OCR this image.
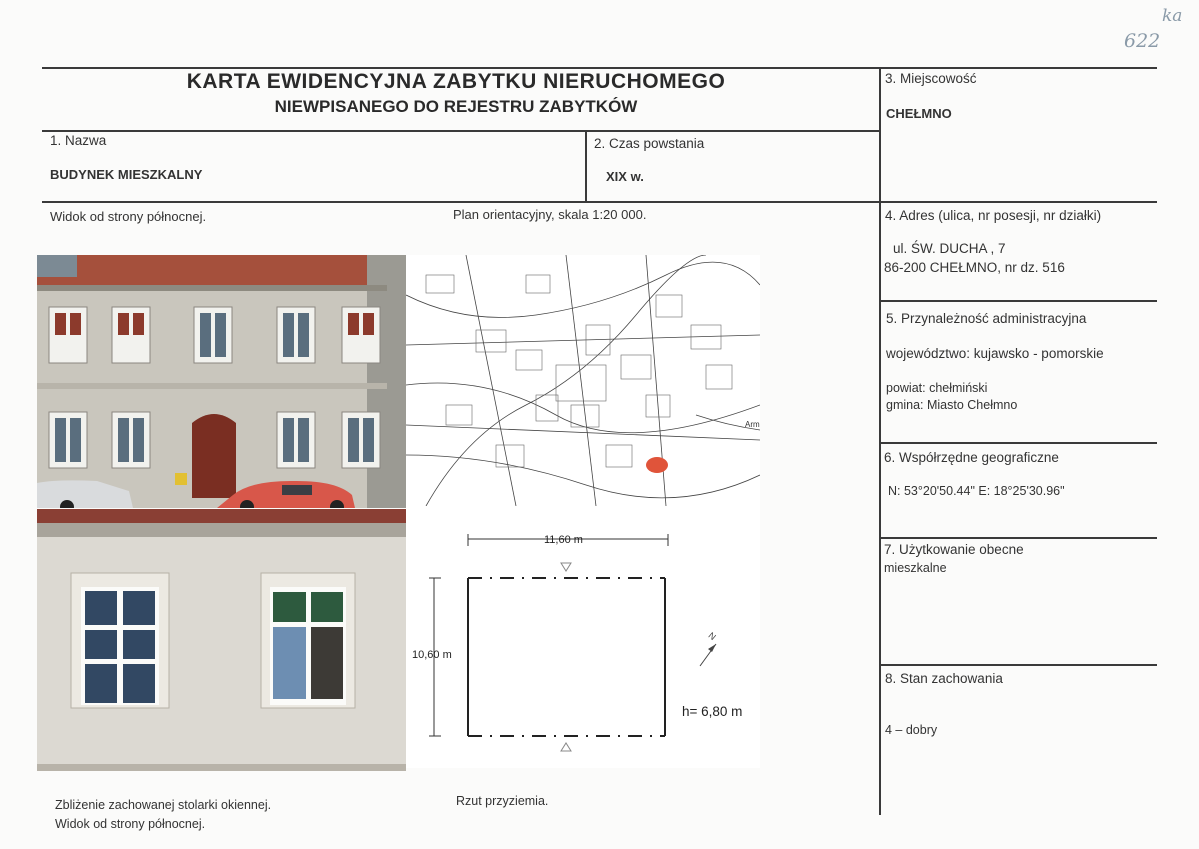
ka
622
KARTA EWIDENCYJNA ZABYTKU NIERUCHOMEGO
NIEWPISANEGO DO REJESTRU ZABYTKÓW
1. Nazwa
BUDYNEK MIESZKALNY
2. Czas powstania
XIX w.
3. Miejscowość
CHEŁMNO
4. Adres (ulica, nr posesji, nr działki)
ul. ŚW. DUCHA , 7
86-200 CHEŁMNO, nr dz. 516
5. Przynależność administracyjna
województwo: kujawsko - pomorskie
powiat: chełmiński
gmina: Miasto Chełmno
6. Współrzędne geograficzne
N: 53°20'50.44" E: 18°25'30.96"
7. Użytkowanie obecne
mieszkalne
8. Stan zachowania
4 – dobry
Widok od strony północnej.	Plan orientacyjny, skala 1:20 000.
Zbliżenie zachowanej stolarki okiennej.
Widok od strony północnej.
Rzut przyziemia.
Arm
11,60 m
10,60 m
h= 6,80 m
N
